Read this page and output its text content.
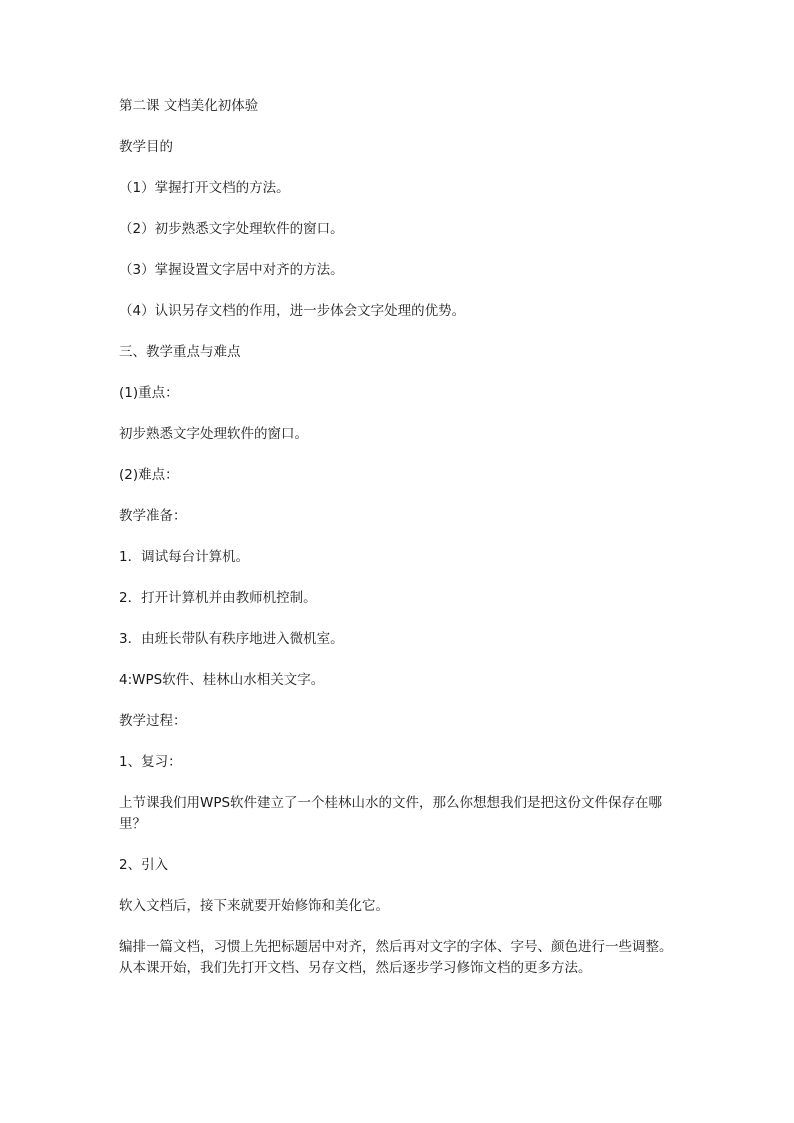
第二课 文档美化初体验

教学目的

（1）掌握打开文档的方法。

（2）初步熟悉文字处理软件的窗口。

（3）掌握设置文字居中对齐的方法。

（4）认识另存文档的作用，进一步体会文字处理的优势。

三、教学重点与难点

(1)重点：

初步熟悉文字处理软件的窗口。

(2)难点：

教学准备：

1．调试每台计算机。

2．打开计算机并由教师机控制。

3．由班长带队有秩序地进入微机室。

4:WPS软件、桂林山水相关文字。

教学过程：

1、复习：

上节课我们用WPS软件建立了一个桂林山水的文件，那么你想想我们是把这份文件保存在哪里？

2、引入

软入文档后，接下来就要开始修饰和美化它。

编排一篇文档，习惯上先把标题居中对齐，然后再对文字的字体、字号、颜色进行一些调整。从本课开始，我们先打开文档、另存文档，然后逐步学习修饰文档的更多方法。
